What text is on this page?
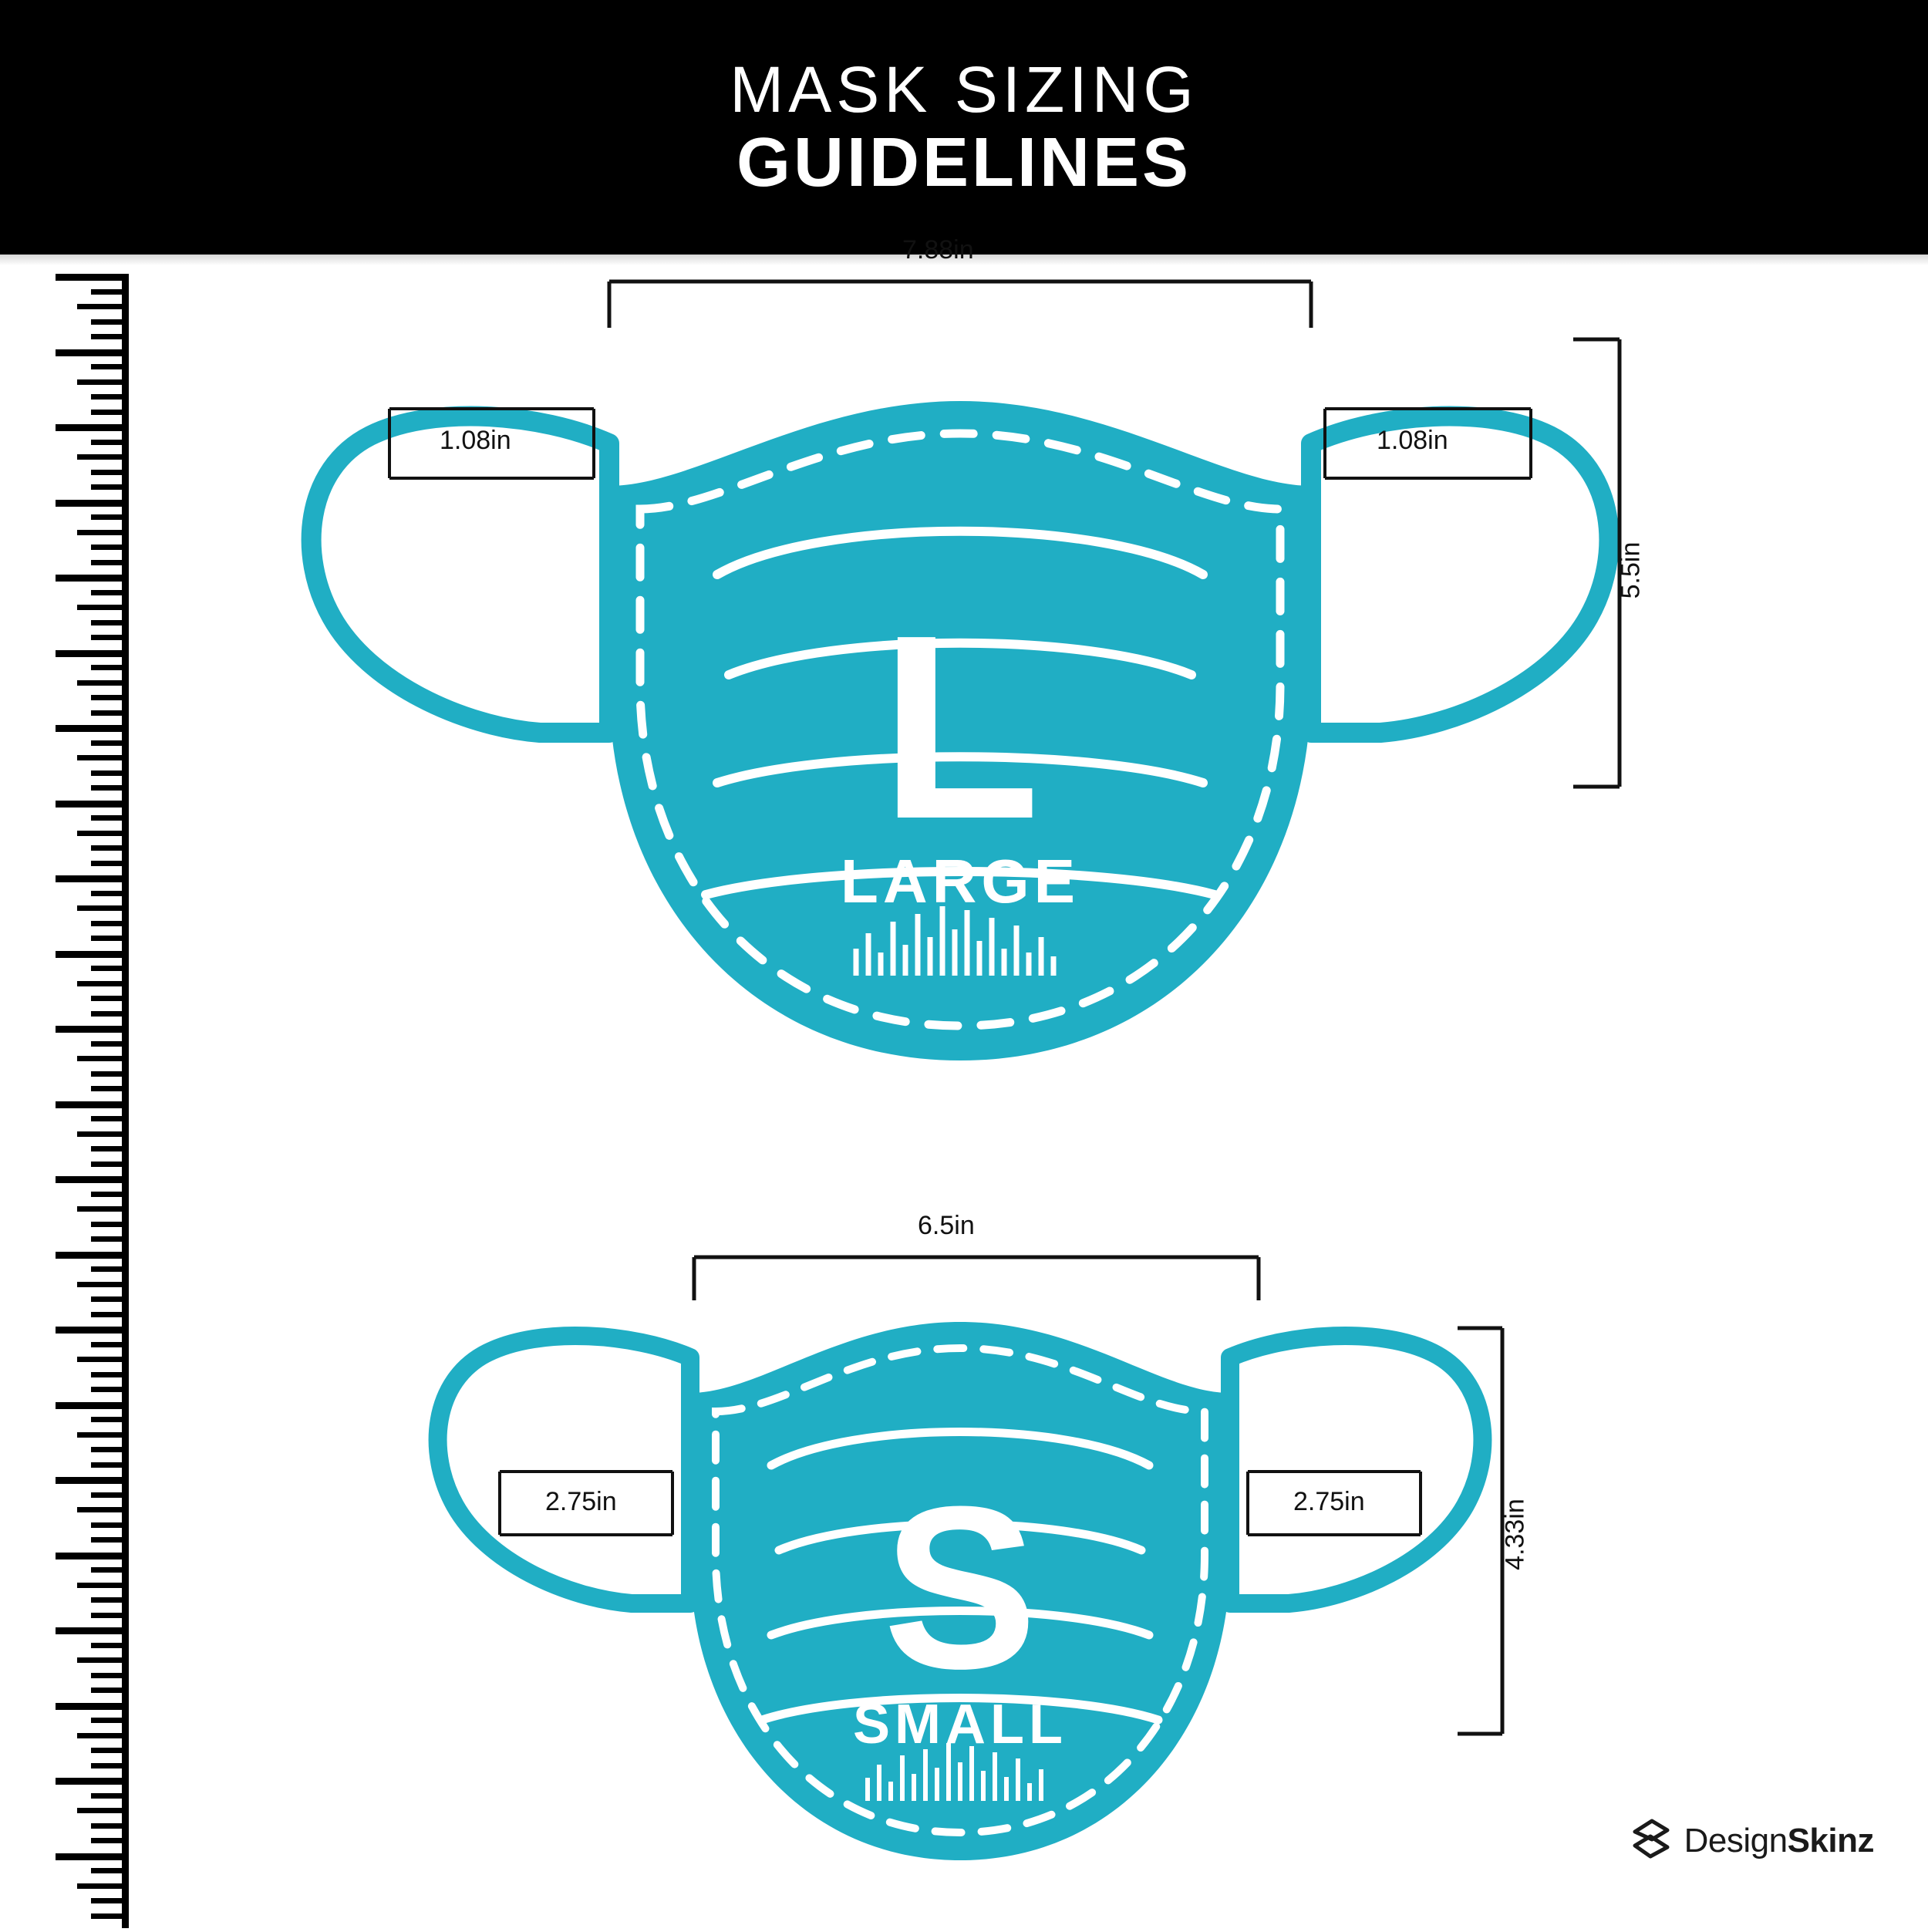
MASK SIZING
GUIDELINES
L
LARGE
S
SMALL
7.88in
5.5in
1.08in	1.08in
6.5in
4.33in
2.75in	2.75in
DesignSkinz
